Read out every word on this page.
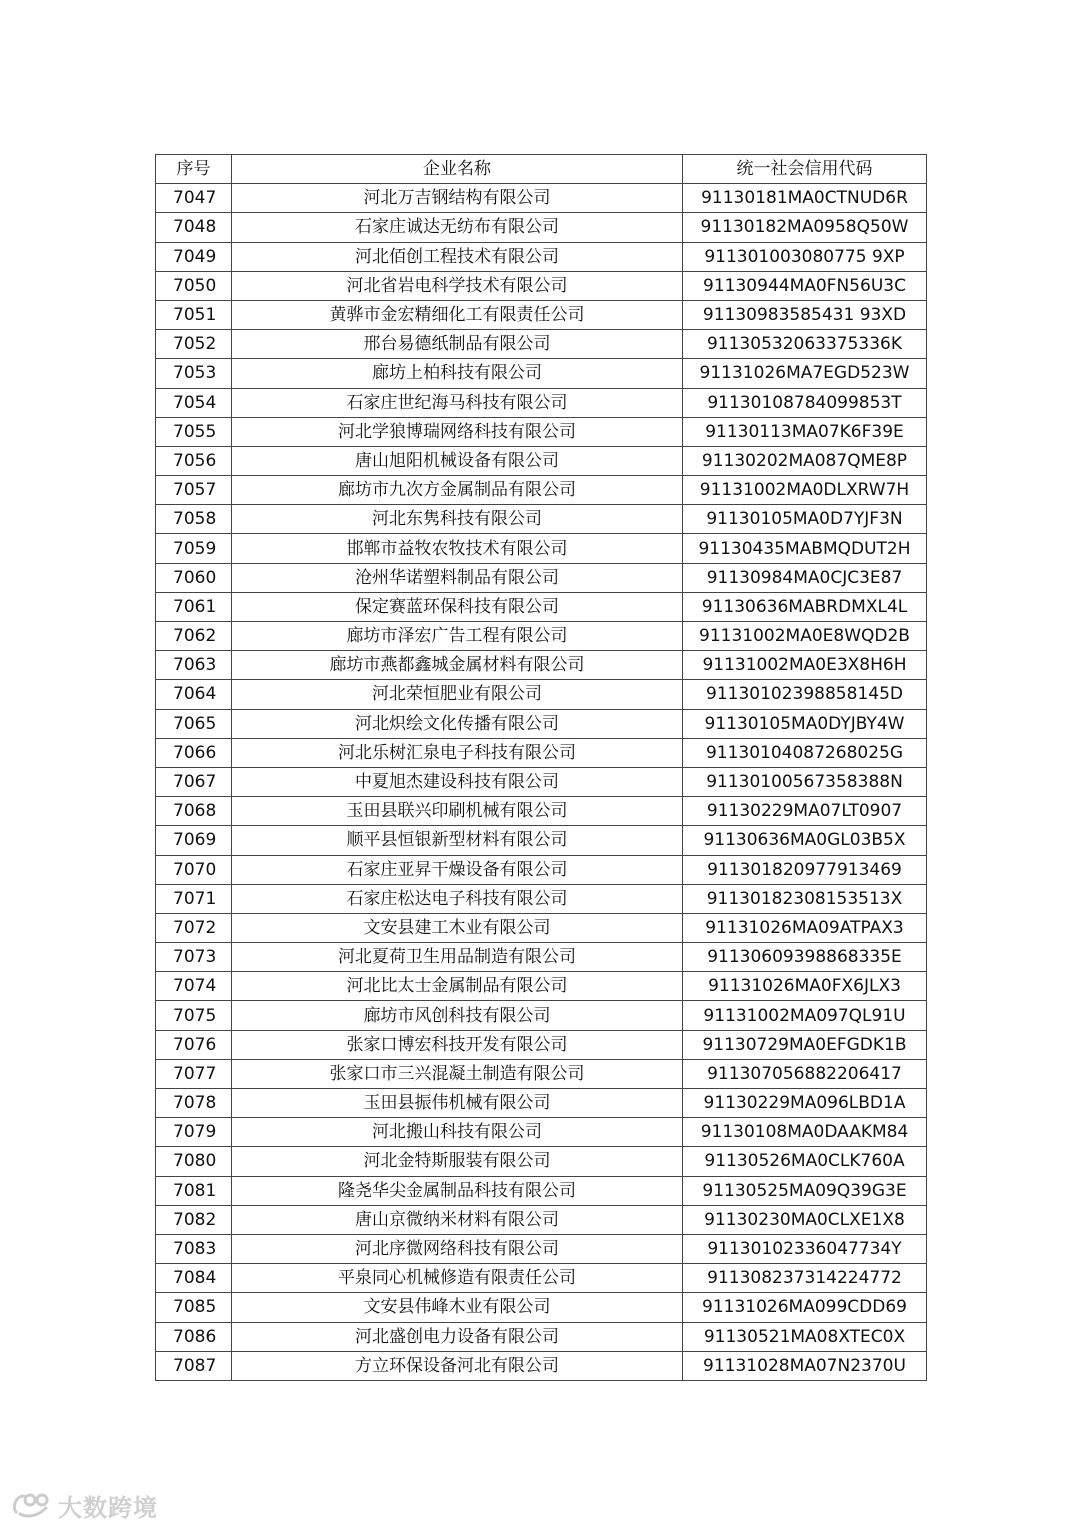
序号	企业名称	统一社会信用代码
7047	河北万吉钢结构有限公司	91130181MA0CTNUD6R
7048	石家庄诚达无纺布有限公司	91130182MA0958Q50W
7049	河北佰创工程技术有限公司	911301003080775 9XP
7050	河北省岩电科学技术有限公司	91130944MA0FN56U3C
7051	黄骅市金宏精细化工有限责任公司	91130983585431 93XD
7052	邢台易德纸制品有限公司	91130532063375336K
7053	廊坊上柏科技有限公司	91131026MA7EGD523W
7054	石家庄世纪海马科技有限公司	91130108784099853T
7055	河北学狼博瑞网络科技有限公司	91130113MA07K6F39E
7056	唐山旭阳机械设备有限公司	91130202MA087QME8P
7057	廊坊市九次方金属制品有限公司	91131002MA0DLXRW7H
7058	河北东隽科技有限公司	91130105MA0D7YJF3N
7059	邯郸市益牧农牧技术有限公司	91130435MABMQDUT2H
7060	沧州华诺塑料制品有限公司	91130984MA0CJC3E87
7061	保定赛蓝环保科技有限公司	91130636MABRDMXL4L
7062	廊坊市泽宏广告工程有限公司	91131002MA0E8WQD2B
7063	廊坊市燕都鑫城金属材料有限公司	91131002MA0E3X8H6H
7064	河北荣恒肥业有限公司	91130102398858145D
7065	河北炽绘文化传播有限公司	91130105MA0DYJBY4W
7066	河北乐树汇泉电子科技有限公司	91130104087268025G
7067	中夏旭杰建设科技有限公司	91130100567358388N
7068	玉田县联兴印刷机械有限公司	91130229MA07LT0907
7069	顺平县恒银新型材料有限公司	91130636MA0GL03B5X
7070	石家庄亚昇干燥设备有限公司	911301820977913469
7071	石家庄松达电子科技有限公司	91130182308153513X
7072	文安县建工木业有限公司	91131026MA09ATPAX3
7073	河北夏荷卫生用品制造有限公司	91130609398868335E
7074	河北比太士金属制品有限公司	91131026MA0FX6JLX3
7075	廊坊市风创科技有限公司	91131002MA097QL91U
7076	张家口博宏科技开发有限公司	91130729MA0EFGDK1B
7077	张家口市三兴混凝土制造有限公司	911307056882206417
7078	玉田县振伟机械有限公司	91130229MA096LBD1A
7079	河北搬山科技有限公司	91130108MA0DAAKM84
7080	河北金特斯服装有限公司	91130526MA0CLK760A
7081	隆尧华尖金属制品科技有限公司	91130525MA09Q39G3E
7082	唐山京微纳米材料有限公司	91130230MA0CLXE1X8
7083	河北序微网络科技有限公司	91130102336047734Y
7084	平泉同心机械修造有限责任公司	911308237314224772
7085	文安县伟峰木业有限公司	91131026MA099CDD69
7086	河北盛创电力设备有限公司	91130521MA08XTEC0X
7087	方立环保设备河北有限公司	91131028MA07N2370U
大数跨境
